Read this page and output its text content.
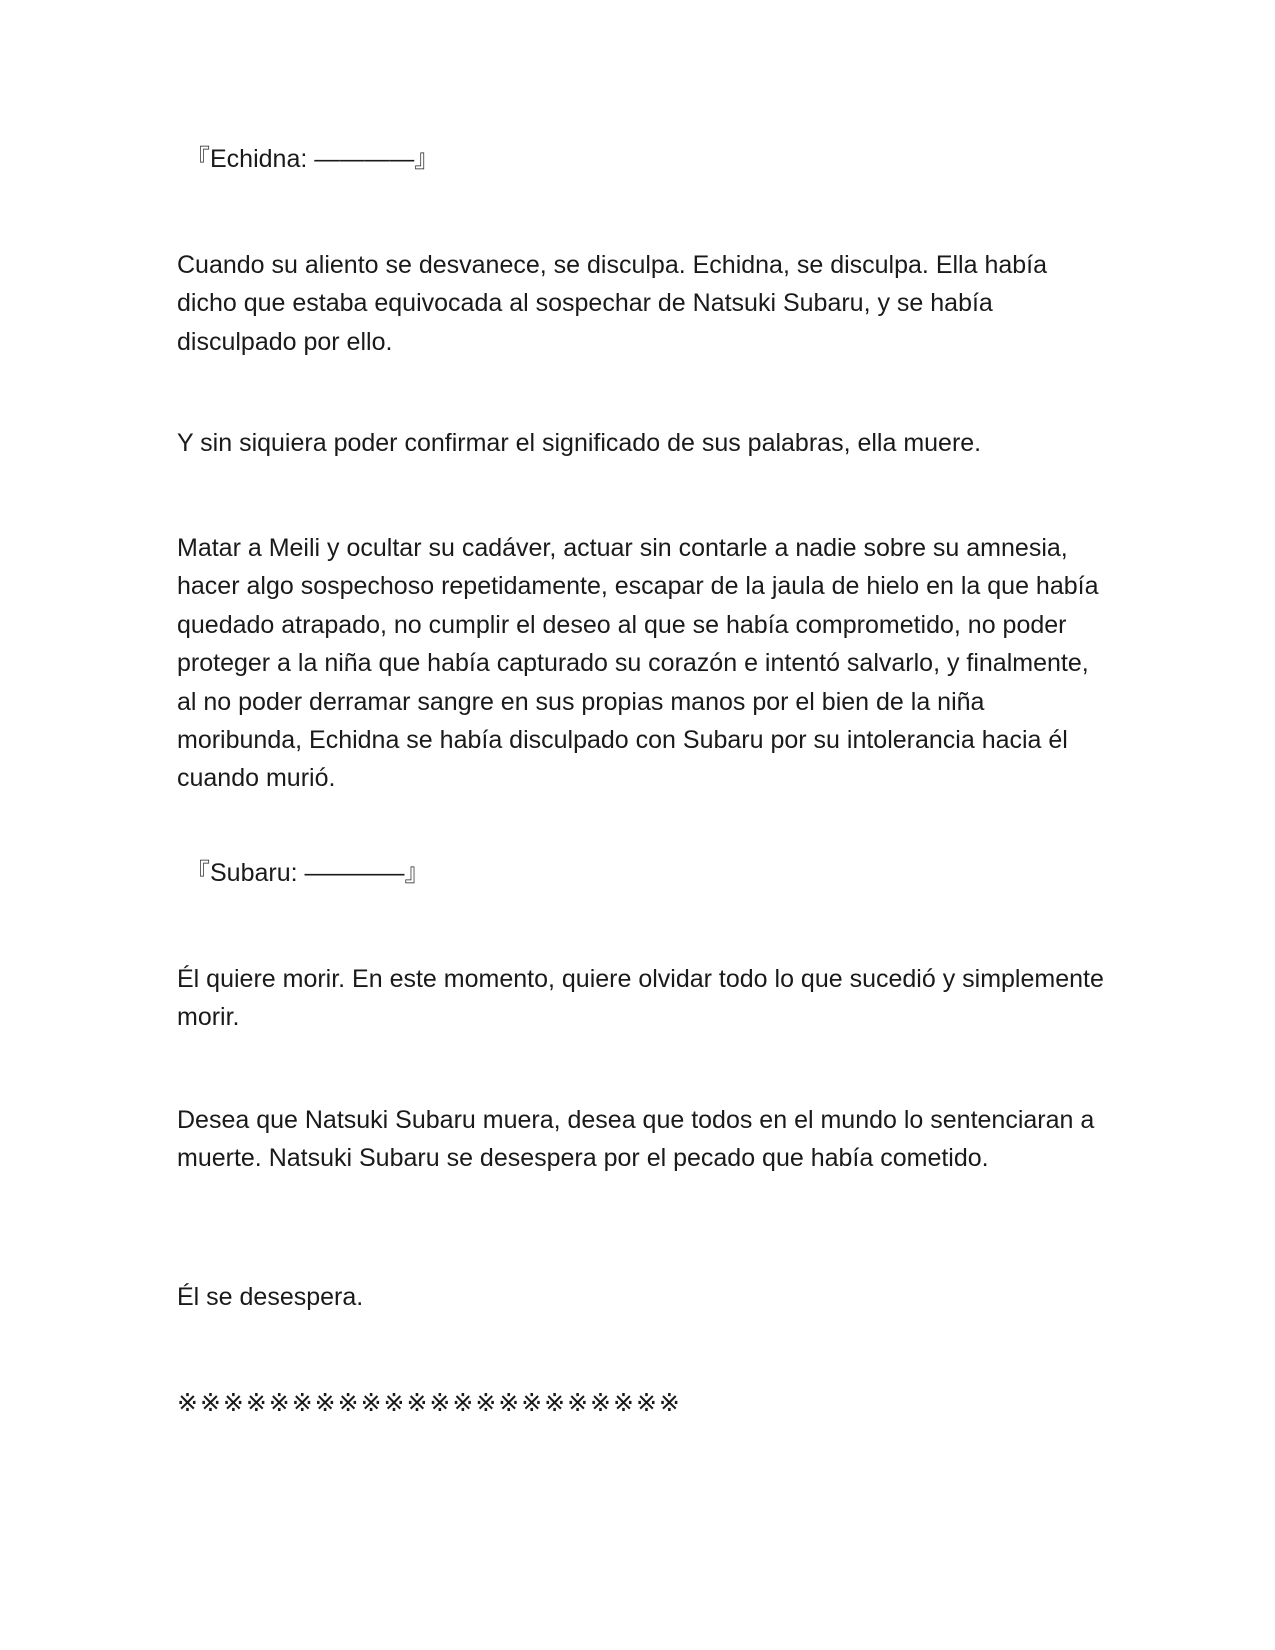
『Echidna: ————』

Cuando su aliento se desvanece, se disculpa. Echidna, se disculpa. Ella había dicho que estaba equivocada al sospechar de Natsuki Subaru, y se había disculpado por ello.

Y sin siquiera poder confirmar el significado de sus palabras, ella muere.

Matar a Meili y ocultar su cadáver, actuar sin contarle a nadie sobre su amnesia, hacer algo sospechoso repetidamente, escapar de la jaula de hielo en la que había quedado atrapado, no cumplir el deseo al que se había comprometido, no poder proteger a la niña que había capturado su corazón e intentó salvarlo, y finalmente, al no poder derramar sangre en sus propias manos por el bien de la niña moribunda, Echidna se había disculpado con Subaru por su intolerancia hacia él cuando murió.

『Subaru: ————』

Él quiere morir. En este momento, quiere olvidar todo lo que sucedió y simplemente morir.

Desea que Natsuki Subaru muera, desea que todos en el mundo lo sentenciaran a muerte. Natsuki Subaru se desespera por el pecado que había cometido.

Él se desespera.

※※※※※※※※※※※※※※※※※※※※※※
